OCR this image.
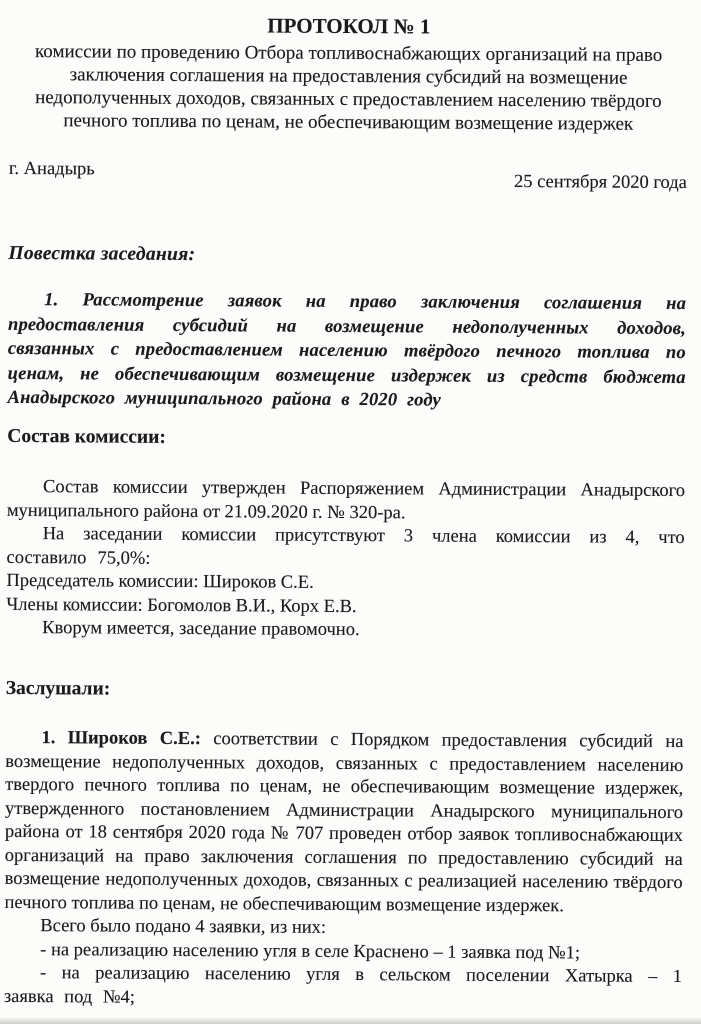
ПРОТОКОЛ № 1

комиссии по проведению Отбора топливоснабжающих организаций на право заключения соглашения на предоставления субсидий на возмещение недополученных доходов, связанных с предоставлением населению твёрдого печного топлива по ценам, не обеспечивающим возмещение издержек

г. Анадырь
25 сентября 2020 года

Повестка заседания:

1. Рассмотрение заявок на право заключения соглашения на предоставления субсидий на возмещение недополученных доходов, связанных с предоставлением населению твёрдого печного топлива по ценам, не обеспечивающим возмещение издержек из средств бюджета Анадырского муниципального района в 2020 году

Состав комиссии:

Состав комиссии утвержден Распоряжением Администрации Анадырского муниципального района от 21.09.2020 г. № 320-ра.

На заседании комиссии присутствуют 3 члена комиссии из 4, что составило 75,0%:

Председатель комиссии: Широков С.Е.

Члены комиссии: Богомолов В.И., Корх Е.В.

Кворум имеется, заседание правомочно.

Заслушали:

1. Широков С.Е.: соответствии с Порядком предоставления субсидий на возмещение недополученных доходов, связанных с предоставлением населению твердого печного топлива по ценам, не обеспечивающим возмещение издержек, утвержденного постановлением Администрации Анадырского муниципального района от 18 сентября 2020 года № 707 проведен отбор заявок топливоснабжающих организаций на право заключения соглашения по предоставлению субсидий на возмещение недополученных доходов, связанных с реализацией населению твёрдого печного топлива по ценам, не обеспечивающим возмещение издержек.

Всего было подано 4 заявки, из них:

- на реализацию населению угля в селе Краснено – 1 заявка под №1;

- на реализацию населению угля в сельском поселении Хатырка – 1 заявка под №4;
